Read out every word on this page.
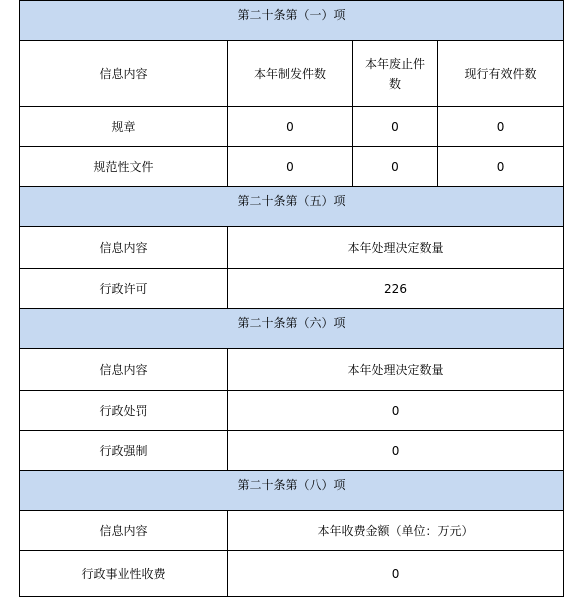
第二十条第（一）项			
信息内容	本年制发件数	本年废止件数	现行有效件数
规章	0	0	0
规范性文件	0	0	0
第二十条第（五）项			
信息内容	本年处理决定数量		
行政许可	226		
第二十条第（六）项			
信息内容	本年处理决定数量		
行政处罚	0		
行政强制	0		
第二十条第（八）项			
信息内容	本年收费金额（单位：万元）		
行政事业性收费	0		
